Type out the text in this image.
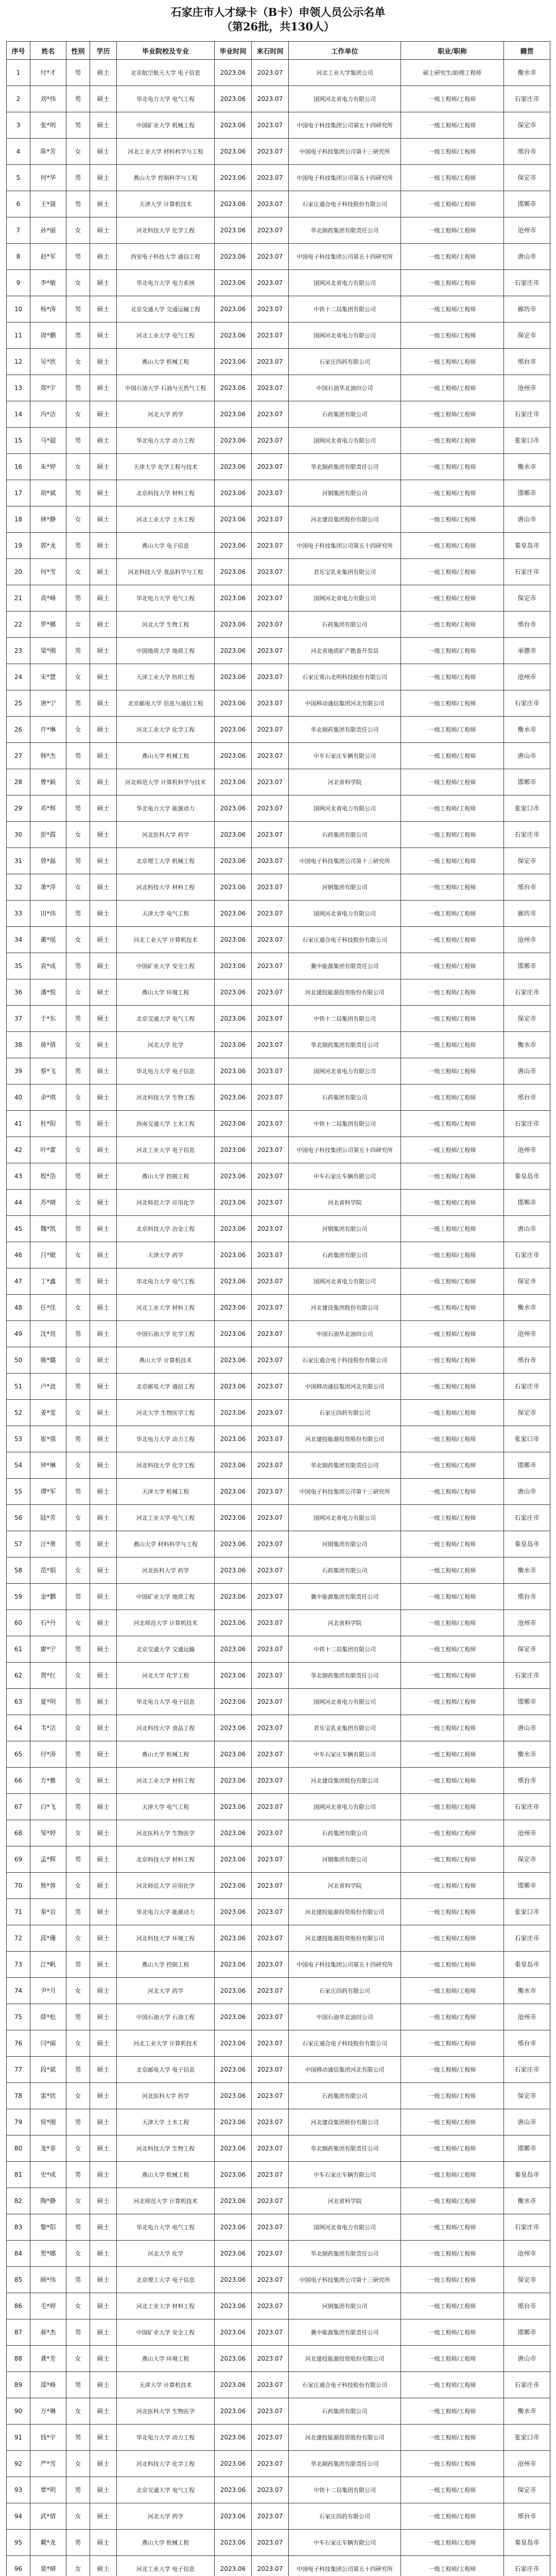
石家庄市人才绿卡（B卡）申领人员公示名单
（第26批，共130人）
序号	姓名	性别	学历	毕业院校及专业	毕业时间	来石时间	工作单位	职业/职称	籍贯
1	付*才	男	硕士	北京航空航天大学 电子信息	2023.06	2023.07	河北工业大学集团公司	硕士研究生/助理工程师	衡水市
2	刘*伟	男	硕士	华北电力大学 电气工程	2023.06	2023.07	国网河北省电力有限公司	一级工程师/工程师	石家庄市
3	张*明	男	硕士	中国矿业大学 机械工程	2023.06	2023.07	中国电子科技集团公司第五十四研究所	一级工程师/工程师	保定市
4	陈*芳	女	硕士	河北工业大学 材料科学与工程	2023.06	2023.07	中国电子科技集团公司第十三研究所	一级工程师/工程师	邢台市
5	何*华	男	硕士	燕山大学 控制科学与工程	2023.06	2023.07	中国电子科技集团公司第五十四研究所	一级工程师/工程师	保定市
6	王*强	男	硕士	天津大学 计算机技术	2023.06	2023.07	石家庄通合电子科技股份有限公司	一级工程师/工程师	邯郸市
7	孙*丽	女	硕士	河北科技大学 化学工程	2023.06	2023.07	华北制药集团有限责任公司	一级工程师/工程师	沧州市
8	赵*军	男	硕士	西安电子科技大学 通信工程	2023.06	2023.07	中国电子科技集团公司第五十四研究所	一级工程师/工程师	唐山市
9	李*敏	女	硕士	华北电力大学 电力系统	2023.06	2023.07	国网河北省电力有限公司	一级工程师/工程师	石家庄市
10	杨*涛	男	硕士	北京交通大学 交通运输工程	2023.06	2023.07	中铁十二局集团有限公司	一级工程师/工程师	廊坊市
11	周*鹏	男	硕士	河北工业大学 电气工程	2023.06	2023.07	国网河北省电力有限公司	一级工程师/工程师	保定市
12	吴*欣	女	硕士	燕山大学 机械工程	2023.06	2023.07	石家庄四药有限公司	一级工程师/工程师	邢台市
13	郑*宇	男	硕士	中国石油大学 石油与天然气工程	2023.06	2023.07	中国石油华北油田公司	一级工程师/工程师	沧州市
14	冯*洁	女	硕士	河北大学 药学	2023.06	2023.07	石药集团有限公司	一级工程师/工程师	石家庄市
15	马*超	男	硕士	华北电力大学 动力工程	2023.06	2023.07	国网河北省电力有限公司	一级工程师/工程师	张家口市
16	朱*婷	女	硕士	天津大学 化学工程与技术	2023.06	2023.07	华北制药集团有限责任公司	一级工程师/工程师	衡水市
17	胡*斌	男	硕士	北京科技大学 材料工程	2023.06	2023.07	河钢集团有限公司	一级工程师/工程师	邯郸市
18	林*静	女	硕士	河北工业大学 土木工程	2023.06	2023.07	河北建设集团股份有限公司	一级工程师/工程师	唐山市
19	郭*龙	男	硕士	燕山大学 电子信息	2023.06	2023.07	中国电子科技集团公司第五十四研究所	一级工程师/工程师	秦皇岛市
20	何*雪	女	硕士	河北科技大学 食品科学与工程	2023.06	2023.07	君乐宝乳业集团有限公司	一级工程师/工程师	石家庄市
21	高*峰	男	硕士	华北电力大学 电气工程	2023.06	2023.07	国网河北省电力有限公司	一级工程师/工程师	保定市
22	罗*娜	女	硕士	河北大学 生物工程	2023.06	2023.07	石药集团有限公司	一级工程师/工程师	邢台市
23	梁*刚	男	硕士	中国地质大学 地质工程	2023.06	2023.07	河北省地质矿产勘查开发局	一级工程师/工程师	承德市
24	宋*慧	女	硕士	天津工业大学 纺织工程	2023.06	2023.07	石家庄常山北明科技股份有限公司	一级工程师/工程师	沧州市
25	唐*宁	男	硕士	北京邮电大学 信息与通信工程	2023.06	2023.07	中国移动通信集团河北有限公司	一级工程师/工程师	石家庄市
26	许*琳	女	硕士	河北工业大学 化学工程	2023.06	2023.07	华北制药集团有限责任公司	一级工程师/工程师	衡水市
27	韩*杰	男	硕士	燕山大学 机械工程	2023.06	2023.07	中车石家庄车辆有限公司	一级工程师/工程师	唐山市
28	曹*颖	女	硕士	河北师范大学 计算机科学与技术	2023.06	2023.07	河北省科学院	一级工程师/工程师	邯郸市
29	邓*辉	男	硕士	华北电力大学 能源动力	2023.06	2023.07	国网河北省电力有限公司	一级工程师/工程师	张家口市
30	彭*霞	女	硕士	河北医科大学 药学	2023.06	2023.07	石药集团有限公司	一级工程师/工程师	石家庄市
31	曾*磊	男	硕士	北京理工大学 机械工程	2023.06	2023.07	中国电子科技集团公司第十三研究所	一级工程师/工程师	保定市
32	萧*萍	女	硕士	河北科技大学 材料工程	2023.06	2023.07	河钢集团有限公司	一级工程师/工程师	邢台市
33	田*伟	男	硕士	天津大学 电气工程	2023.06	2023.07	国网河北省电力有限公司	一级工程师/工程师	廊坊市
34	董*瑶	女	硕士	河北工业大学 计算机技术	2023.06	2023.07	石家庄通合电子科技股份有限公司	一级工程师/工程师	沧州市
35	袁*成	男	硕士	中国矿业大学 安全工程	2023.06	2023.07	冀中能源集团有限责任公司	一级工程师/工程师	邯郸市
36	潘*悦	女	硕士	燕山大学 环境工程	2023.06	2023.07	河北建投能源投资股份有限公司	一级工程师/工程师	石家庄市
37	于*东	男	硕士	北京交通大学 电气工程	2023.06	2023.07	中铁十二局集团有限公司	一级工程师/工程师	保定市
38	蒋*倩	女	硕士	河北大学 化学	2023.06	2023.07	华北制药集团有限责任公司	一级工程师/工程师	衡水市
39	蔡*飞	男	硕士	华北电力大学 电子信息	2023.06	2023.07	国网河北省电力有限公司	一级工程师/工程师	唐山市
40	余*琪	女	硕士	河北科技大学 生物工程	2023.06	2023.07	石药集团有限公司	一级工程师/工程师	邢台市
41	杜*阳	男	硕士	西南交通大学 土木工程	2023.06	2023.07	中铁十二局集团有限公司	一级工程师/工程师	石家庄市
42	叶*蕾	女	硕士	河北工业大学 电子信息	2023.06	2023.07	中国电子科技集团公司第五十四研究所	一级工程师/工程师	沧州市
43	程*浩	男	硕士	燕山大学 控制工程	2023.06	2023.07	中车石家庄车辆有限公司	一级工程师/工程师	秦皇岛市
44	苏*晴	女	硕士	河北师范大学 应用化学	2023.06	2023.07	河北省科学院	一级工程师/工程师	邯郸市
45	魏*凯	男	硕士	北京科技大学 冶金工程	2023.06	2023.07	河钢集团有限公司	一级工程师/工程师	唐山市
46	吕*敏	女	硕士	天津大学 药学	2023.06	2023.07	石药集团有限公司	一级工程师/工程师	石家庄市
47	丁*鑫	男	硕士	华北电力大学 电气工程	2023.06	2023.07	国网河北省电力有限公司	一级工程师/工程师	保定市
48	任*佳	女	硕士	河北工业大学 材料工程	2023.06	2023.07	河北建设集团股份有限公司	一级工程师/工程师	衡水市
49	沈*亮	男	硕士	中国石油大学 化学工程	2023.06	2023.07	中国石油华北油田公司	一级工程师/工程师	沧州市
50	姚*璐	女	硕士	燕山大学 计算机技术	2023.06	2023.07	石家庄通合电子科技股份有限公司	一级工程师/工程师	邢台市
51	卢*波	男	硕士	北京邮电大学 通信工程	2023.06	2023.07	中国移动通信集团河北有限公司	一级工程师/工程师	石家庄市
52	姜*雯	女	硕士	河北大学 生物医学工程	2023.06	2023.07	石家庄四药有限公司	一级工程师/工程师	保定市
53	崔*强	男	硕士	华北电力大学 动力工程	2023.06	2023.07	河北建投能源投资股份有限公司	一级工程师/工程师	张家口市
54	钟*琳	女	硕士	河北科技大学 化学工程	2023.06	2023.07	华北制药集团有限责任公司	一级工程师/工程师	邯郸市
55	谭*军	男	硕士	天津大学 机械工程	2023.06	2023.07	中国电子科技集团公司第十三研究所	一级工程师/工程师	唐山市
56	陆*芳	女	硕士	河北工业大学 电气工程	2023.06	2023.07	国网河北省电力有限公司	一级工程师/工程师	石家庄市
57	汪*勇	男	硕士	燕山大学 材料科学与工程	2023.06	2023.07	河钢集团有限公司	一级工程师/工程师	秦皇岛市
58	范*娟	女	硕士	河北医科大学 药学	2023.06	2023.07	石药集团有限公司	一级工程师/工程师	衡水市
59	金*鹏	男	硕士	中国矿业大学 地质工程	2023.06	2023.07	冀中能源集团有限责任公司	一级工程师/工程师	邢台市
60	石*丹	女	硕士	河北师范大学 计算机技术	2023.06	2023.07	河北省科学院	一级工程师/工程师	沧州市
61	廖*宁	男	硕士	北京交通大学 交通运输	2023.06	2023.07	中铁十二局集团有限公司	一级工程师/工程师	保定市
62	贾*红	女	硕士	河北大学 化学工程	2023.06	2023.07	华北制药集团有限责任公司	一级工程师/工程师	石家庄市
63	夏*明	男	硕士	华北电力大学 电子信息	2023.06	2023.07	国网河北省电力有限公司	一级工程师/工程师	邯郸市
64	韦*洁	女	硕士	河北科技大学 食品工程	2023.06	2023.07	君乐宝乳业集团有限公司	一级工程师/工程师	唐山市
65	付*涛	男	硕士	燕山大学 机械工程	2023.06	2023.07	中车石家庄车辆有限公司	一级工程师/工程师	衡水市
66	方*雅	女	硕士	河北工业大学 材料工程	2023.06	2023.07	河北建设集团股份有限公司	一级工程师/工程师	邢台市
67	白*飞	男	硕士	天津大学 电气工程	2023.06	2023.07	国网河北省电力有限公司	一级工程师/工程师	石家庄市
68	邹*婷	女	硕士	河北医科大学 生物医学	2023.06	2023.07	石药集团有限公司	一级工程师/工程师	沧州市
69	孟*辉	男	硕士	北京科技大学 材料工程	2023.06	2023.07	河钢集团有限公司	一级工程师/工程师	保定市
70	熊*蓉	女	硕士	河北师范大学 应用化学	2023.06	2023.07	河北省科学院	一级工程师/工程师	邯郸市
71	秦*岩	男	硕士	华北电力大学 能源动力	2023.06	2023.07	河北建投能源投资股份有限公司	一级工程师/工程师	张家口市
72	邱*珊	女	硕士	河北科技大学 环境工程	2023.06	2023.07	河北建投能源投资股份有限公司	一级工程师/工程师	石家庄市
73	江*帆	男	硕士	燕山大学 控制工程	2023.06	2023.07	中国电子科技集团公司第五十四研究所	一级工程师/工程师	秦皇岛市
74	尹*月	女	硕士	河北大学 药学	2023.06	2023.07	石家庄四药有限公司	一级工程师/工程师	衡水市
75	薛*松	男	硕士	中国石油大学 石油工程	2023.06	2023.07	中国石油华北油田公司	一级工程师/工程师	沧州市
76	闫*丽	女	硕士	河北工业大学 计算机技术	2023.06	2023.07	石家庄通合电子科技股份有限公司	一级工程师/工程师	邢台市
77	段*斌	男	硕士	北京邮电大学 电子信息	2023.06	2023.07	中国移动通信集团河北有限公司	一级工程师/工程师	石家庄市
78	雷*欣	女	硕士	河北医科大学 药学	2023.06	2023.07	石药集团有限公司	一级工程师/工程师	保定市
79	侯*刚	男	硕士	天津大学 土木工程	2023.06	2023.07	河北建设集团股份有限公司	一级工程师/工程师	唐山市
80	龙*菲	女	硕士	河北科技大学 生物工程	2023.06	2023.07	华北制药集团有限责任公司	一级工程师/工程师	邯郸市
81	史*成	男	硕士	燕山大学 机械工程	2023.06	2023.07	中车石家庄车辆有限公司	一级工程师/工程师	秦皇岛市
82	陶*静	女	硕士	河北师范大学 计算机技术	2023.06	2023.07	河北省科学院	一级工程师/工程师	衡水市
83	黎*阳	男	硕士	华北电力大学 电气工程	2023.06	2023.07	国网河北省电力有限公司	一级工程师/工程师	石家庄市
84	贺*娜	女	硕士	河北大学 化学	2023.06	2023.07	华北制药集团有限责任公司	一级工程师/工程师	沧州市
85	顾*伟	男	硕士	北京理工大学 电子信息	2023.06	2023.07	中国电子科技集团公司第十三研究所	一级工程师/工程师	保定市
86	毛*婷	女	硕士	河北工业大学 材料工程	2023.06	2023.07	河钢集团有限公司	一级工程师/工程师	邢台市
87	郝*杰	男	硕士	中国矿业大学 安全工程	2023.06	2023.07	冀中能源集团有限责任公司	一级工程师/工程师	邯郸市
88	龚*芳	女	硕士	燕山大学 环境工程	2023.06	2023.07	河北建投能源投资股份有限公司	一级工程师/工程师	唐山市
89	邵*峰	男	硕士	天津大学 计算机技术	2023.06	2023.07	石家庄通合电子科技股份有限公司	一级工程师/工程师	石家庄市
90	万*琳	女	硕士	河北医科大学 生物医学	2023.06	2023.07	石药集团有限公司	一级工程师/工程师	衡水市
91	钱*宇	男	硕士	华北电力大学 动力工程	2023.06	2023.07	河北建投能源投资股份有限公司	一级工程师/工程师	张家口市
92	严*雪	女	硕士	河北科技大学 化学工程	2023.06	2023.07	华北制药集团有限责任公司	一级工程师/工程师	沧州市
93	覃*明	男	硕士	北京交通大学 电气工程	2023.06	2023.07	中铁十二局集团有限公司	一级工程师/工程师	保定市
94	武*倩	女	硕士	河北大学 药学	2023.06	2023.07	石家庄四药有限公司	一级工程师/工程师	邢台市
95	戴*龙	男	硕士	燕山大学 机械工程	2023.06	2023.07	中车石家庄车辆有限公司	一级工程师/工程师	秦皇岛市
96	莫*晴	女	硕士	河北工业大学 电子信息	2023.06	2023.07	中国电子科技集团公司第五十四研究所	一级工程师/工程师	石家庄市
